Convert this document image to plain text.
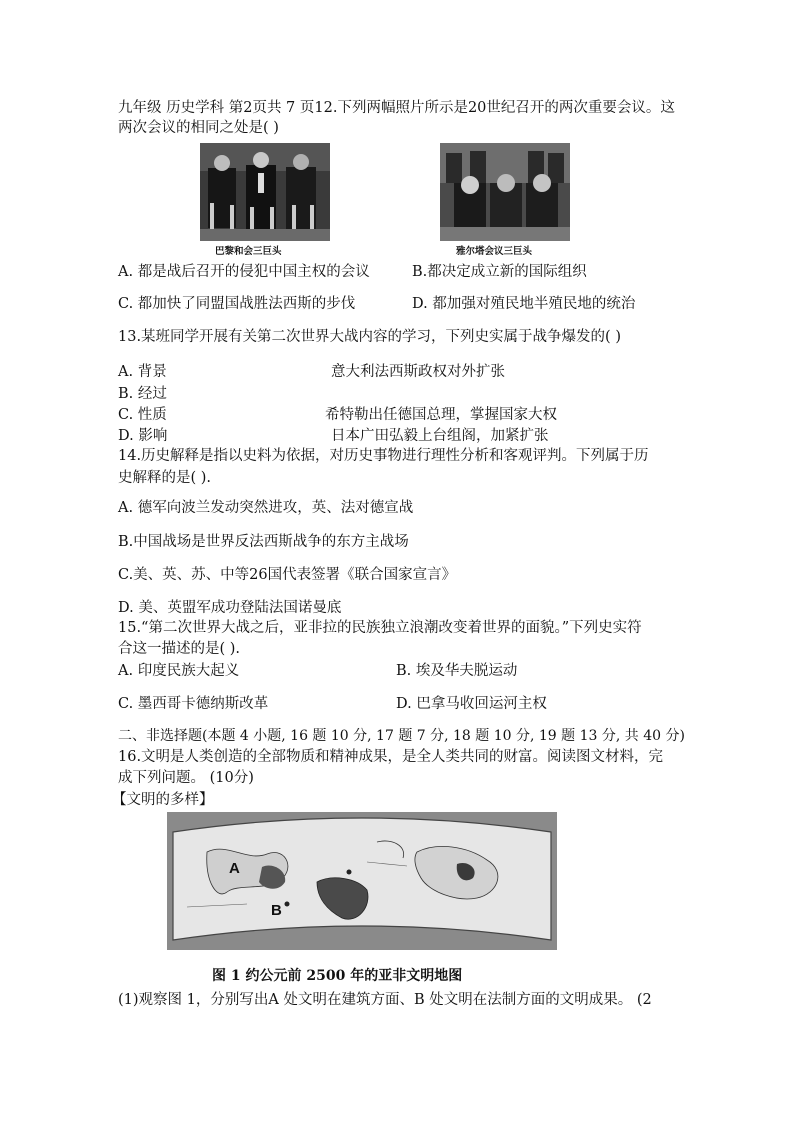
九年级 历史学科 第2页共 7 页12.下列两幅照片所示是20世纪召开的两次重要会议。这
两次会议的相同之处是( )
巴黎和会三巨头	雅尔塔会议三巨头
A. 都是战后召开的侵犯中国主权的会议	B.都决定成立新的国际组织
C. 都加快了同盟国战胜法西斯的步伐	D. 都加强对殖民地半殖民地的统治
13.某班同学开展有关第二次世界大战内容的学习，下列史实属于战争爆发的( )
A. 背景	意大利法西斯政权对外扩张
B. 经过
C. 性质	希特勒出任德国总理，掌握国家大权
D. 影响	日本广田弘毅上台组阁，加紧扩张
14.历史解释是指以史料为依据，对历史事物进行理性分析和客观评判。下列属于历
史解释的是( ).
A. 德军向波兰发动突然进攻，英、法对德宣战
B.中国战场是世界反法西斯战争的东方主战场
C.美、英、苏、中等26国代表签署《联合国家宣言》
D. 美、英盟军成功登陆法国诺曼底
15.“第二次世界大战之后，亚非拉的民族独立浪潮改变着世界的面貌。”下列史实符
合这一描述的是( ).
A. 印度民族大起义	B. 埃及华夫脱运动
C. 墨西哥卡德纳斯改革	D. 巴拿马收回运河主权
二、非选择题(本题 4 小题, 16 题 10 分, 17 题 7 分, 18 题 10 分, 19 题 13 分, 共 40 分)
16.文明是人类创造的全部物质和精神成果，是全人类共同的财富。阅读图文材料，完
成下列问题。 (10分)
【文明的多样】
A
B
图 1 约公元前 2500 年的亚非文明地图
(1)观察图 1，分别写出A 处文明在建筑方面、B 处文明在法制方面的文明成果。 (2
